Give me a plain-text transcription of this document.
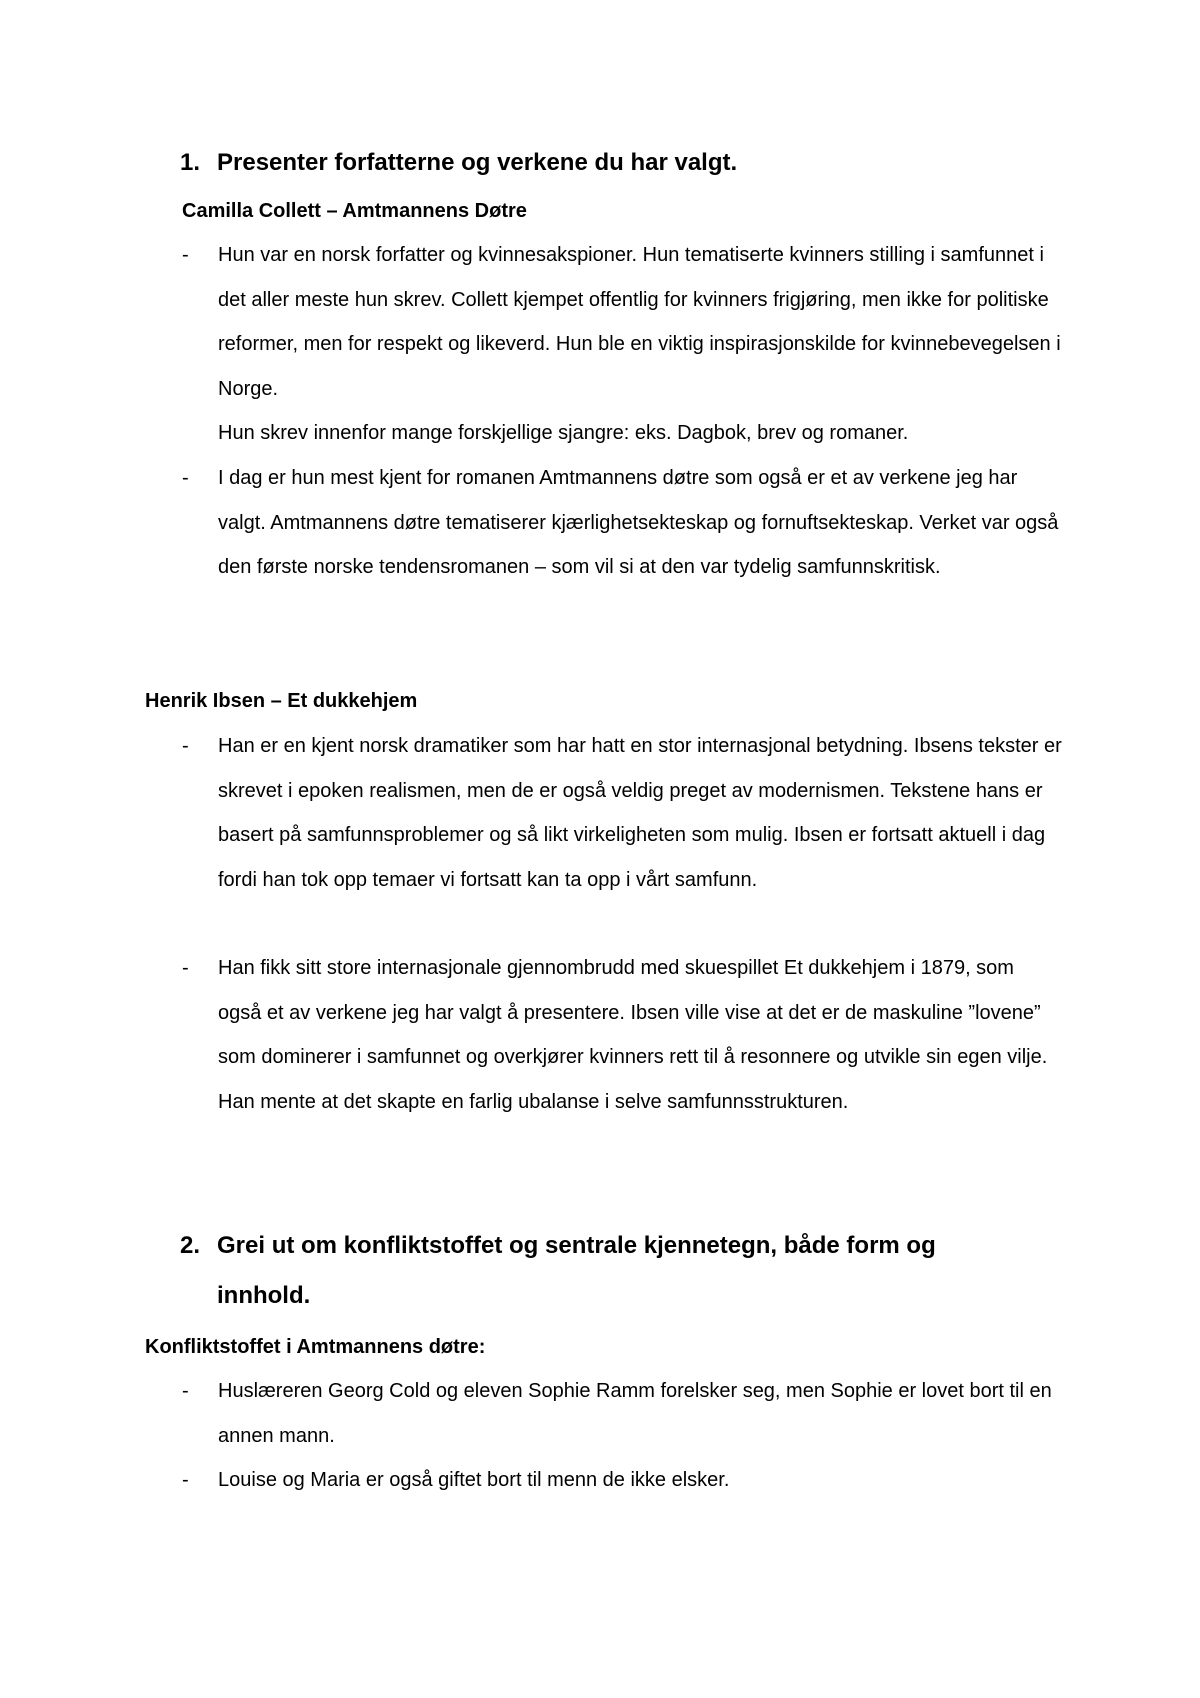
1. Presenter forfatterne og verkene du har valgt.
Camilla Collett – Amtmannens Døtre
- Hun var en norsk forfatter og kvinnesakspioner. Hun tematiserte kvinners stilling i samfunnet i det aller meste hun skrev. Collett kjempet offentlig for kvinners frigjøring, men ikke for politiske reformer, men for respekt og likeverd. Hun ble en viktig inspirasjonskilde for kvinnebevegelsen i Norge.
Hun skrev innenfor mange forskjellige sjangre: eks. Dagbok, brev og romaner.
- I dag er hun mest kjent for romanen Amtmannens døtre som også er et av verkene jeg har valgt. Amtmannens døtre tematiserer kjærlighetsekteskap og fornuftsekteskap. Verket var også den første norske tendensromanen – som vil si at den var tydelig samfunnskritisk.
Henrik Ibsen – Et dukkehjem
- Han er en kjent norsk dramatiker som har hatt en stor internasjonal betydning. Ibsens tekster er skrevet i epoken realismen, men de er også veldig preget av modernismen. Tekstene hans er basert på samfunnsproblemer og så likt virkeligheten som mulig. Ibsen er fortsatt aktuell i dag fordi han tok opp temaer vi fortsatt kan ta opp i vårt samfunn.
- Han fikk sitt store internasjonale gjennombrudd med skuespillet Et dukkehjem i 1879, som også et av verkene jeg har valgt å presentere. Ibsen ville vise at det er de maskuline ”lovene” som dominerer i samfunnet og overkjører kvinners rett til å resonnere og utvikle sin egen vilje. Han mente at det skapte en farlig ubalanse i selve samfunnsstrukturen.
2. Grei ut om konfliktstoffet og sentrale kjennetegn, både form og innhold.
Konfliktstoffet i Amtmannens døtre:
- Huslæreren Georg Cold og eleven Sophie Ramm forelsker seg, men Sophie er lovet bort til en annen mann.
- Louise og Maria er også giftet bort til menn de ikke elsker.
